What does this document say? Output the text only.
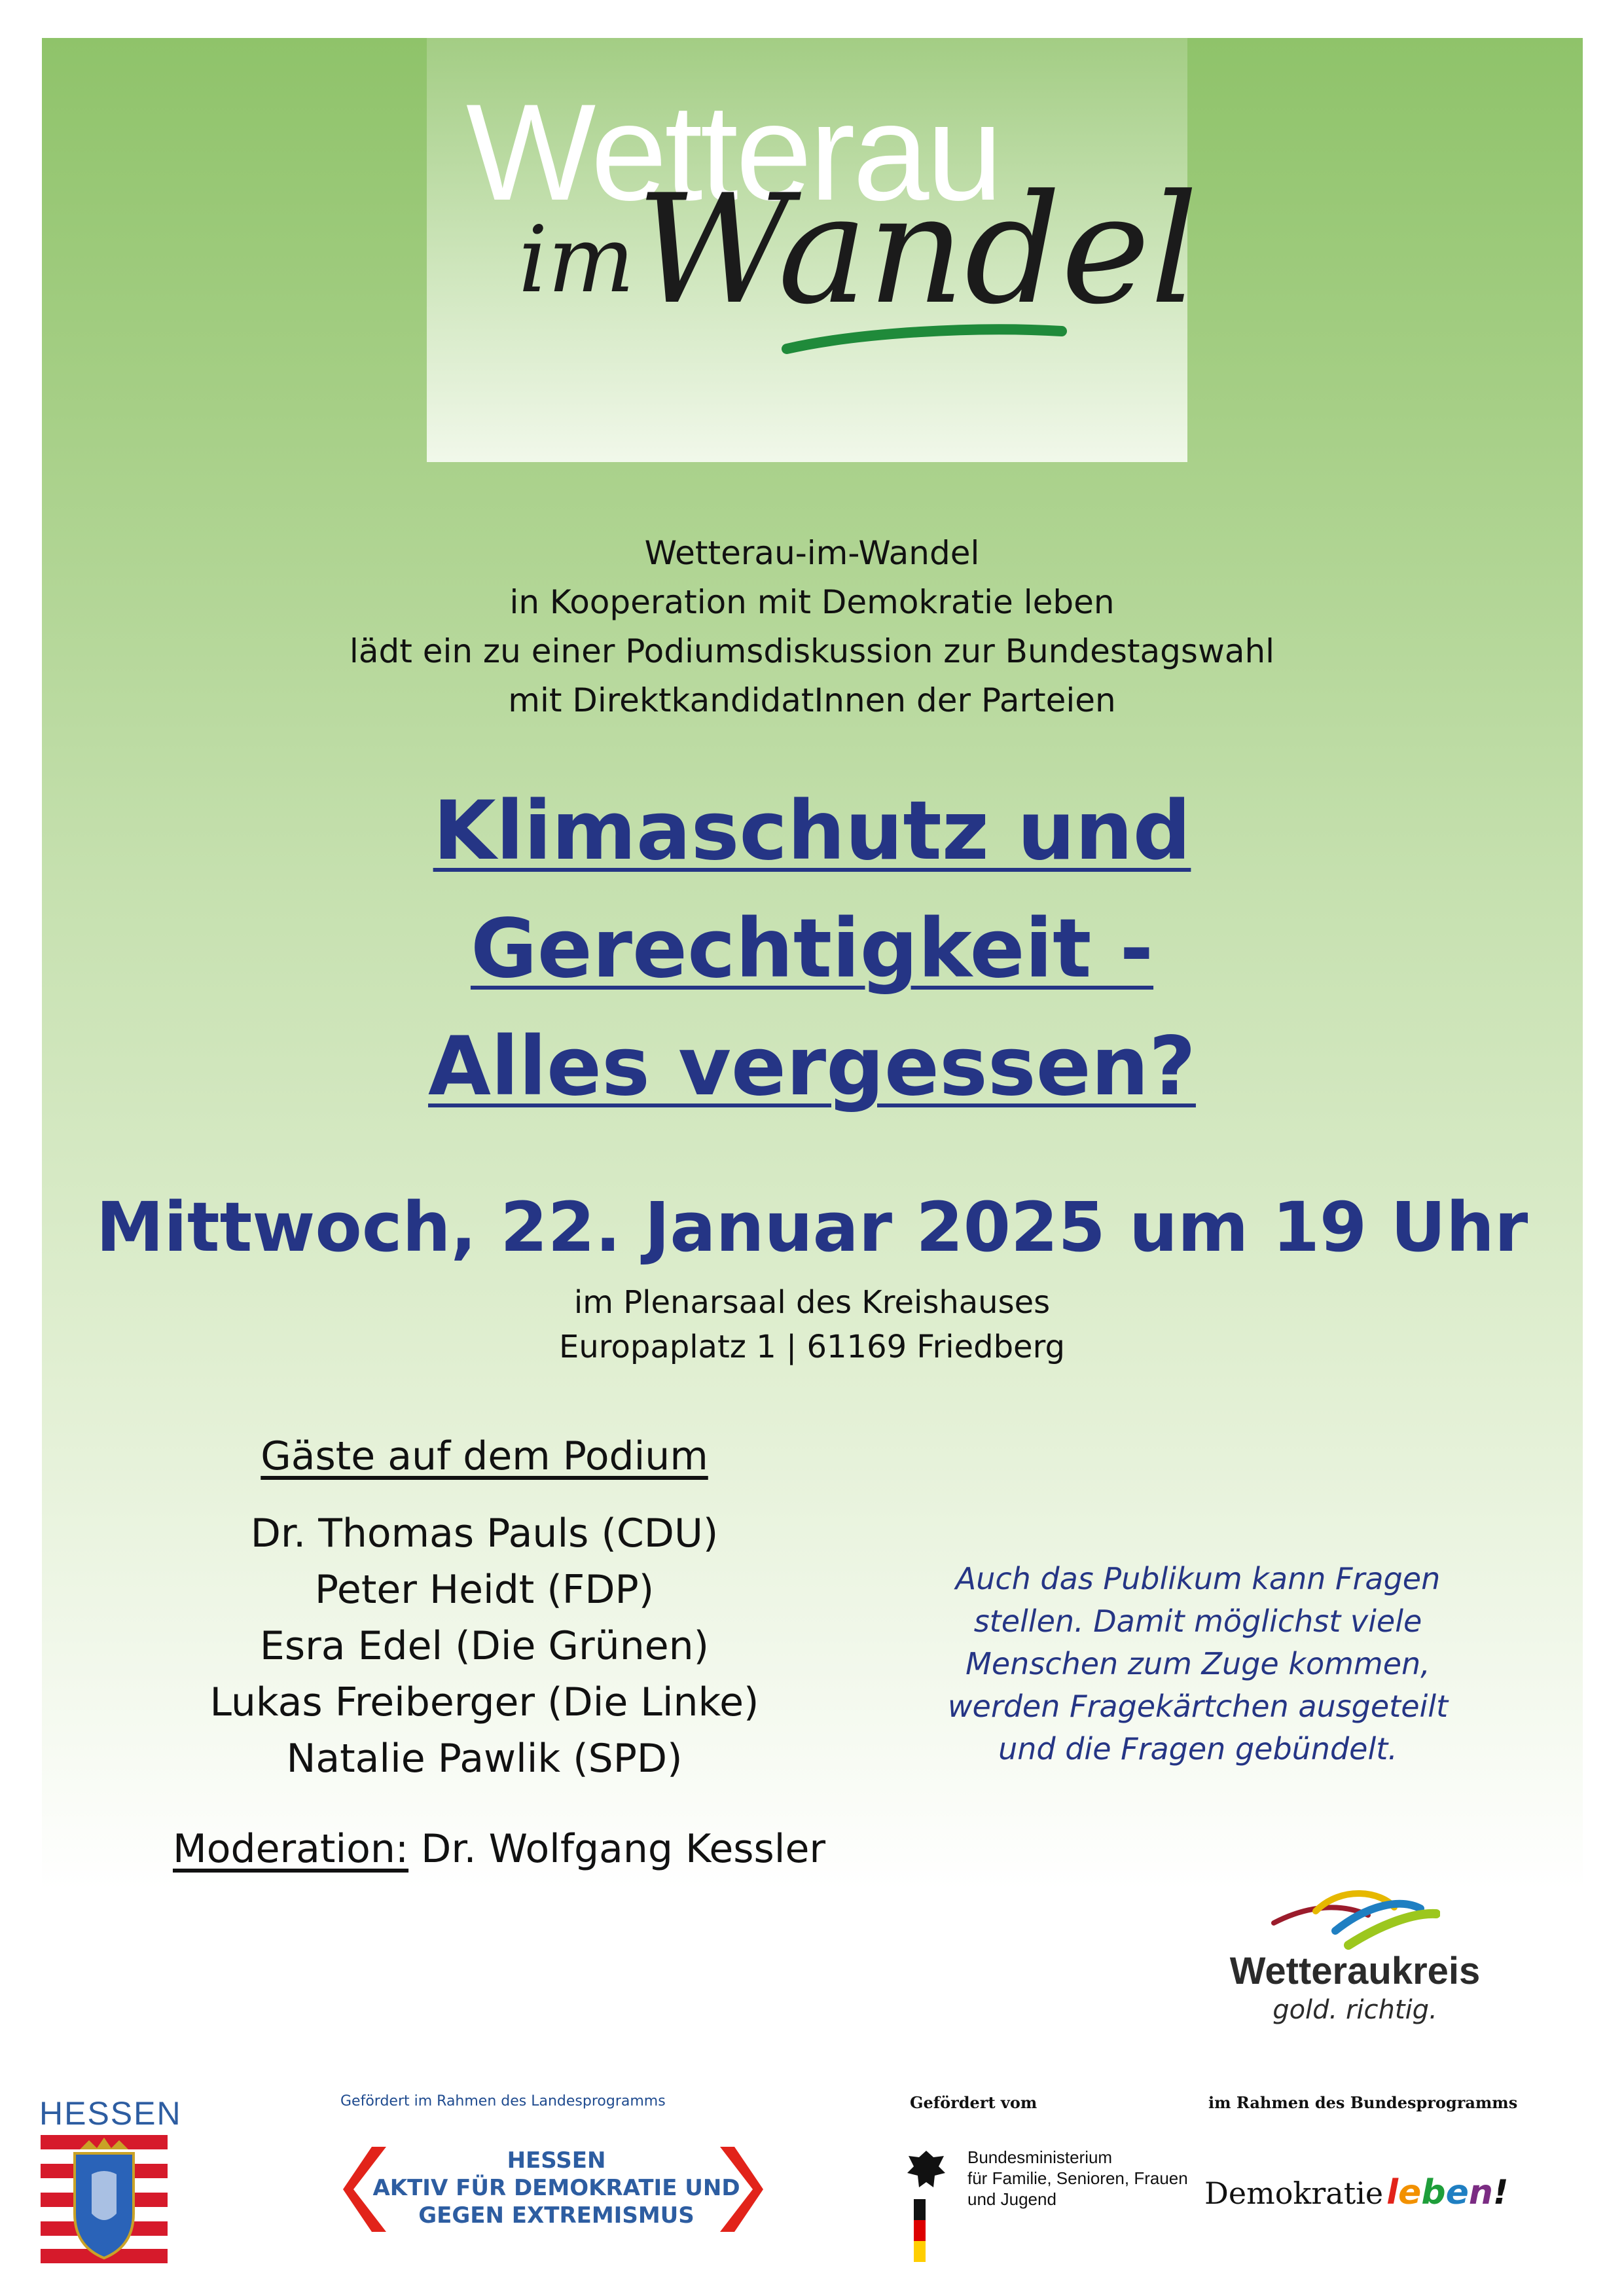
Wetterau
im Wandel
Wetterau-im-Wandel
in Kooperation mit Demokratie leben
lädt ein zu einer Podiumsdiskussion zur Bundestagswahl
mit DirektkandidatInnen der Parteien
Klimaschutz und
Gerechtigkeit -
Alles vergessen?
Mittwoch, 22. Januar 2025 um 19 Uhr
im Plenarsaal des Kreishauses
Europaplatz 1 | 61169 Friedberg
Gäste auf dem Podium
Dr. Thomas Pauls (CDU)
Peter Heidt (FDP)
Esra Edel (Die Grünen)
Lukas Freiberger (Die Linke)
Natalie Pawlik (SPD)
Auch das Publikum kann Fragen
stellen. Damit möglichst viele
Menschen zum Zuge kommen,
werden Fragekärtchen ausgeteilt
und die Fragen gebündelt.
Moderation: Dr. Wolfgang Kessler
Wetteraukreis
gold. richtig.
HESSEN	Gefördert im Rahmen des Landesprogramms
HESSEN
AKTIV FÜR DEMOKRATIE UND
GEGEN EXTREMISMUS
Gefördert vom
Bundesministerium
für Familie, Senioren, Frauen
und Jugend
im Rahmen des Bundesprogramms
Demokratie leben!
